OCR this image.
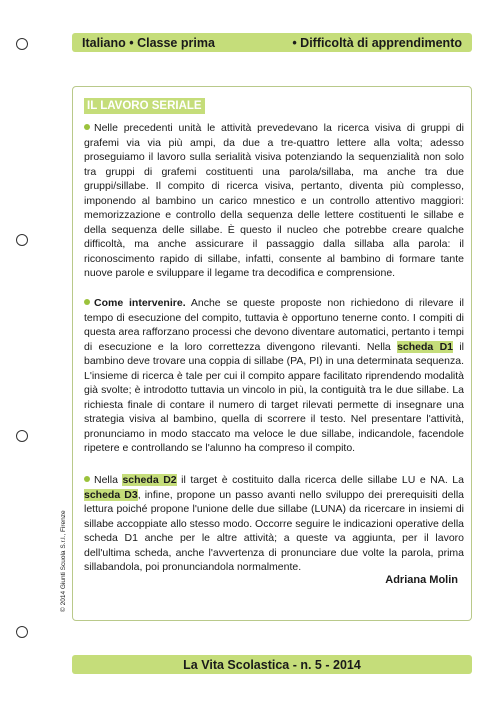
Italiano • Classe prima	• Difficoltà di apprendimento
IL LAVORO SERIALE

Nelle precedenti unità le attività prevedevano la ricerca visiva di gruppi di grafemi via via più ampi, da due a tre-quattro lettere alla volta; adesso proseguiamo il lavoro sulla serialità visiva potenziando la sequenzialità non solo tra gruppi di grafemi costituenti una parola/sillaba, ma anche tra due gruppi/sillabe. Il compito di ricerca visiva, pertanto, diventa più complesso, imponendo al bambino un carico mnestico e un controllo attentivo maggiori: memorizzazione e controllo della sequenza delle lettere costituenti le sillabe e della sequenza delle sillabe. È questo il nucleo che potrebbe creare qualche difficoltà, ma anche assicurare il passaggio dalla sillaba alla parola: il riconoscimento rapido di sillabe, infatti, consente al bambino di formare tante nuove parole e sviluppare il legame tra decodifica e comprensione.

Come intervenire. Anche se queste proposte non richiedono di rilevare il tempo di esecuzione del compito, tuttavia è opportuno tenerne conto. I compiti di questa area rafforzano processi che devono diventare automatici, pertanto i tempi di esecuzione e la loro correttezza divengono rilevanti. Nella scheda D1 il bambino deve trovare una coppia di sillabe (PA, PI) in una determinata sequenza. L'insieme di ricerca è tale per cui il compito appare facilitato riprendendo modalità già svolte; è introdotto tuttavia un vincolo in più, la contiguità tra le due sillabe. La richiesta finale di contare il numero di target rilevati permette di insegnare una strategia visiva al bambino, quella di scorrere il testo. Nel presentare l'attività, pronunciamo in modo staccato ma veloce le due sillabe, indicandole, facendole ripetere e controllando se l'alunno ha compreso il compito.

Nella scheda D2 il target è costituito dalla ricerca delle sillabe LU e NA. La scheda D3, infine, propone un passo avanti nello sviluppo dei prerequisiti della lettura poiché propone l'unione delle due sillabe (LUNA) da ricercare in insiemi di sillabe accoppiate allo stesso modo. Occorre seguire le indicazioni operative della scheda D1 anche per le altre attività; a queste va aggiunta, per il lavoro dell'ultima scheda, anche l'avvertenza di pronunciare due volte la parola, prima sillabandola, poi pronunciandola normalmente.

Adriana Molin
© 2014 Giunti Scuola S.r.l., Firenze
La Vita Scolastica - n. 5 - 2014
